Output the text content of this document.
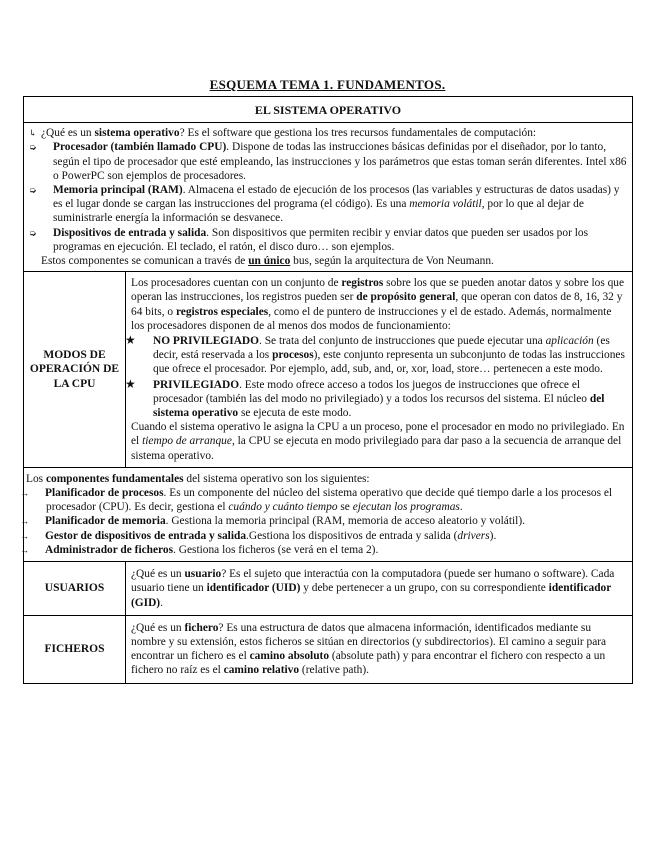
ESQUEMA TEMA 1. FUNDAMENTOS.
EL SISTEMA OPERATIVO	

↳ ¿Qué es un sistema operativo? Es el software que gestiona los tres recursos fundamentales de computación:

➭ Procesador (también llamado CPU). Dispone de todas las instrucciones básicas definidas por el diseñador, por lo tanto, según el tipo de procesador que esté empleando, las instrucciones y los parámetros que estas toman serán diferentes. Intel x86 o PowerPC son ejemplos de procesadores.

➭ Memoria principal (RAM). Almacena el estado de ejecución de los procesos (las variables y estructuras de datos usadas) y es el lugar donde se cargan las instrucciones del programa (el código). Es una memoria volátil, por lo que al dejar de suministrarle energía la información se desvanece.

➭ Dispositivos de entrada y salida. Son dispositivos que permiten recibir y enviar datos que pueden ser usados por los programas en ejecución. El teclado, el ratón, el disco duro… son ejemplos.

Estos componentes se comunican a través de un único bus, según la arquitectura de Von Neumann.	

MODOS DE OPERACIÓN DE LA CPU	Los procesadores cuentan con un conjunto de registros sobre los que se pueden anotar datos y sobre los que operan las instrucciones, los registros pueden ser de propósito general, que operan con datos de 8, 16, 32 y 64 bits, o registros especiales, como el de puntero de instrucciones y el de estado. Además, normalmente los procesadores disponen de al menos dos modos de funcionamiento:

★ NO PRIVILEGIADO. Se trata del conjunto de instrucciones que puede ejecutar una aplicación (es decir, está reservada a los procesos), este conjunto representa un subconjunto de todas las instrucciones que ofrece el procesador. Por ejemplo, add, sub, and, or, xor, load, store… pertenecen a este modo.

★ PRIVILEGIADO. Este modo ofrece acceso a todos los juegos de instrucciones que ofrece el procesador (también las del modo no privilegiado) y a todos los recursos del sistema. El núcleo del sistema operativo se ejecuta de este modo.

Cuando el sistema operativo le asigna la CPU a un proceso, pone el procesador en modo no privilegiado. En el tiempo de arranque, la CPU se ejecuta en modo privilegiado para dar paso a la secuencia de arranque del sistema operativo.

Los componentes fundamentales del sistema operativo son los siguientes:

→ Planificador de procesos. Es un componente del núcleo del sistema operativo que decide qué tiempo darle a los procesos el procesador (CPU). Es decir, gestiona el cuándo y cuánto tiempo se ejecutan los programas.

→ Planificador de memoria. Gestiona la memoria principal (RAM, memoria de acceso aleatorio y volátil).

→ Gestor de dispositivos de entrada y salida.Gestiona los dispositivos de entrada y salida (drivers).

→ Administrador de ficheros. Gestiona los ficheros (se verá en el tema 2).	

USUARIOS	¿Qué es un usuario? Es el sujeto que interactúa con la computadora (puede ser humano o software). Cada usuario tiene un identificador (UID) y debe pertenecer a un grupo, con su correspondiente identificador (GID).

FICHEROS	¿Qué es un fichero? Es una estructura de datos que almacena información, identificados mediante su nombre y su extensión, estos ficheros se sitúan en directorios (y subdirectorios). El camino a seguir para encontrar un fichero es el camino absoluto (absolute path) y para encontrar el fichero con respecto a un fichero no raíz es el camino relativo (relative path).
